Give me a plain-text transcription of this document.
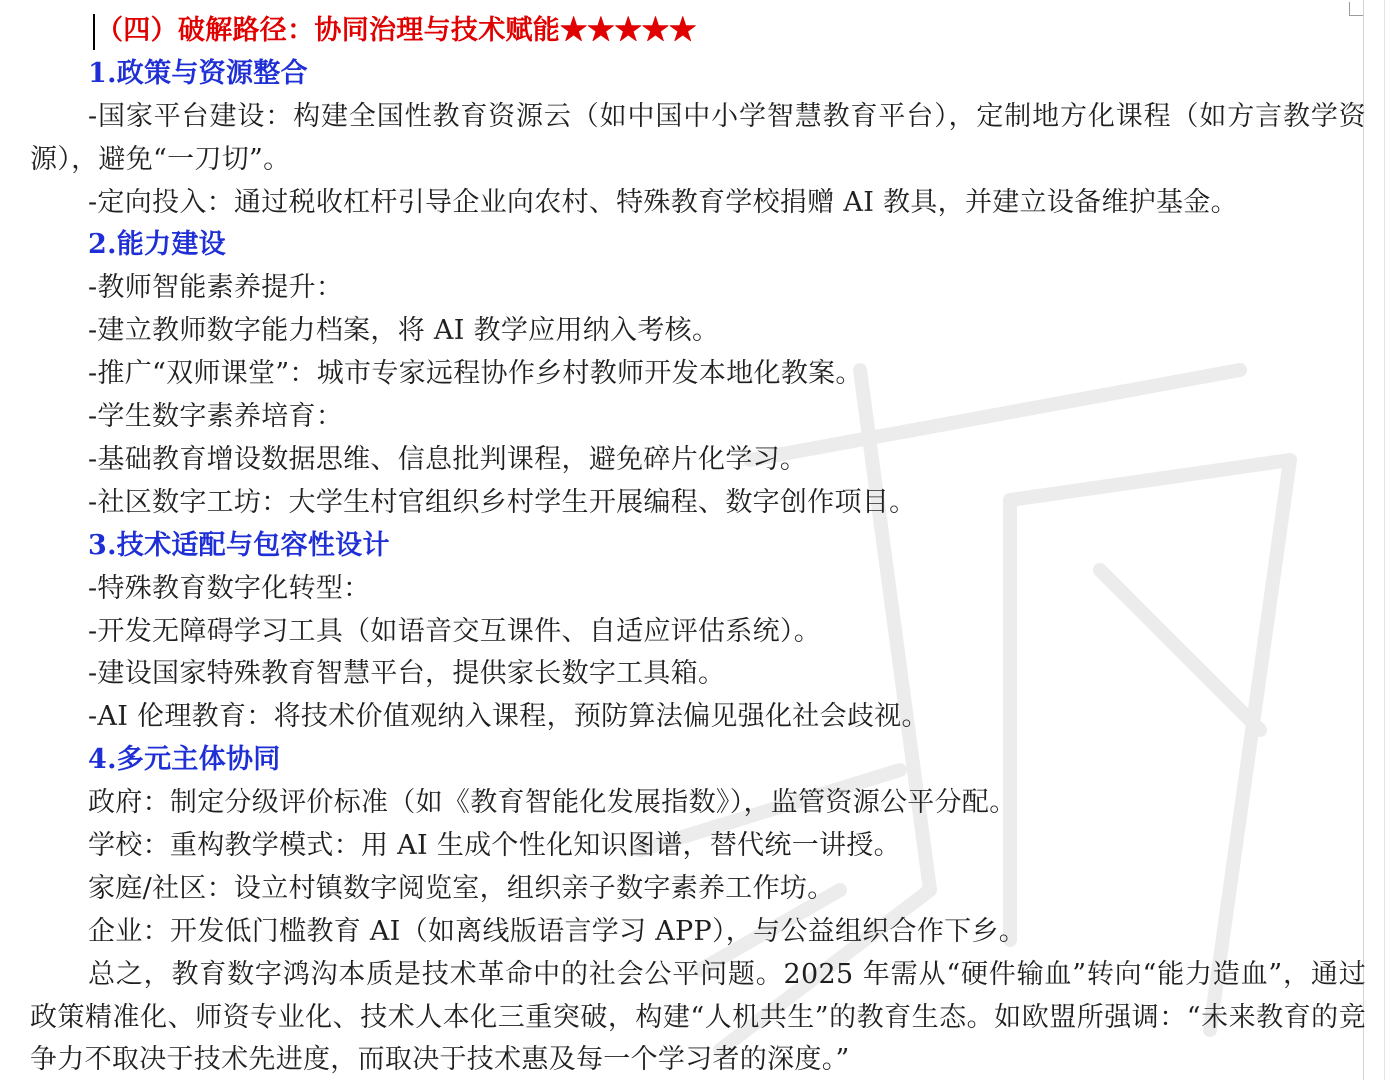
（四）破解路径：协同治理与技术赋能★★★★★
1.政策与资源整合
-国家平台建设：构建全国性教育资源云（如中国中小学智慧教育平台），定制地方化课程（如方言教学资源），避免“一刀切”。
-定向投入：通过税收杠杆引导企业向农村、特殊教育学校捐赠 AI 教具，并建立设备维护基金。
2.能力建设
-教师智能素养提升：
-建立教师数字能力档案，将 AI 教学应用纳入考核。
-推广“双师课堂”：城市专家远程协作乡村教师开发本地化教案。
-学生数字素养培育：
-基础教育增设数据思维、信息批判课程，避免碎片化学习。
-社区数字工坊：大学生村官组织乡村学生开展编程、数字创作项目。
3.技术适配与包容性设计
-特殊教育数字化转型：
-开发无障碍学习工具（如语音交互课件、自适应评估系统）。
-建设国家特殊教育智慧平台，提供家长数字工具箱。
-AI 伦理教育：将技术价值观纳入课程，预防算法偏见强化社会歧视。
4.多元主体协同
政府：制定分级评价标准（如《教育智能化发展指数》），监管资源公平分配。
学校：重构教学模式：用 AI 生成个性化知识图谱，替代统一讲授。
家庭/社区：设立村镇数字阅览室，组织亲子数字素养工作坊。
企业：开发低门槛教育 AI（如离线版语言学习 APP），与公益组织合作下乡。
总之，教育数字鸿沟本质是技术革命中的社会公平问题。2025 年需从“硬件输血”转向“能力造血”，通过政策精准化、师资专业化、技术人本化三重突破，构建“人机共生”的教育生态。如欧盟所强调：“未来教育的竞争力不取决于技术先进度，而取决于技术惠及每一个学习者的深度。”
